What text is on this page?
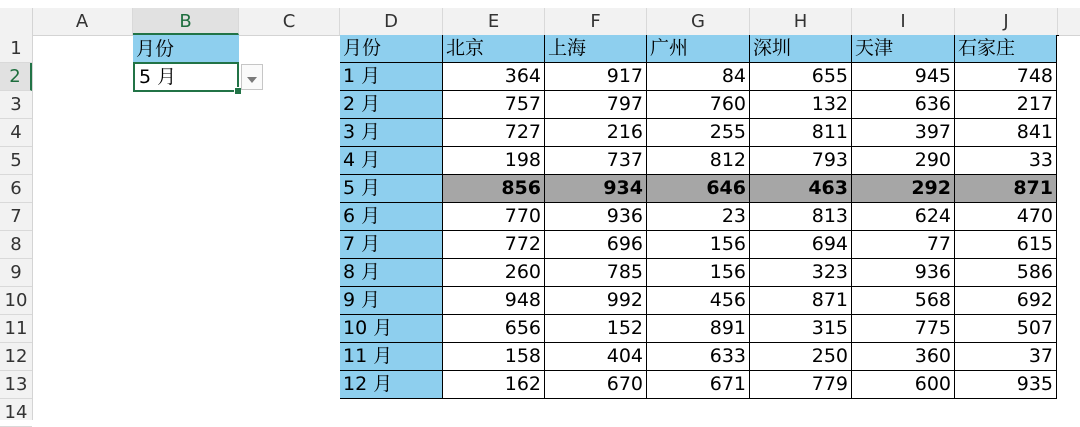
A	B	C	D	E	F	G	H	I	J
1
2
3
4
5
6
7
8
9
10
11
12
13
14
月份
5 月
月份	北京	上海	广州	深圳	天津	石家庄
1 月	364	917	84	655	945	748
2 月	757	797	760	132	636	217
3 月	727	216	255	811	397	841
4 月	198	737	812	793	290	33
5 月	856	934	646	463	292	871
6 月	770	936	23	813	624	470
7 月	772	696	156	694	77	615
8 月	260	785	156	323	936	586
9 月	948	992	456	871	568	692
10 月	656	152	891	315	775	507
11 月	158	404	633	250	360	37
12 月	162	670	671	779	600	935
